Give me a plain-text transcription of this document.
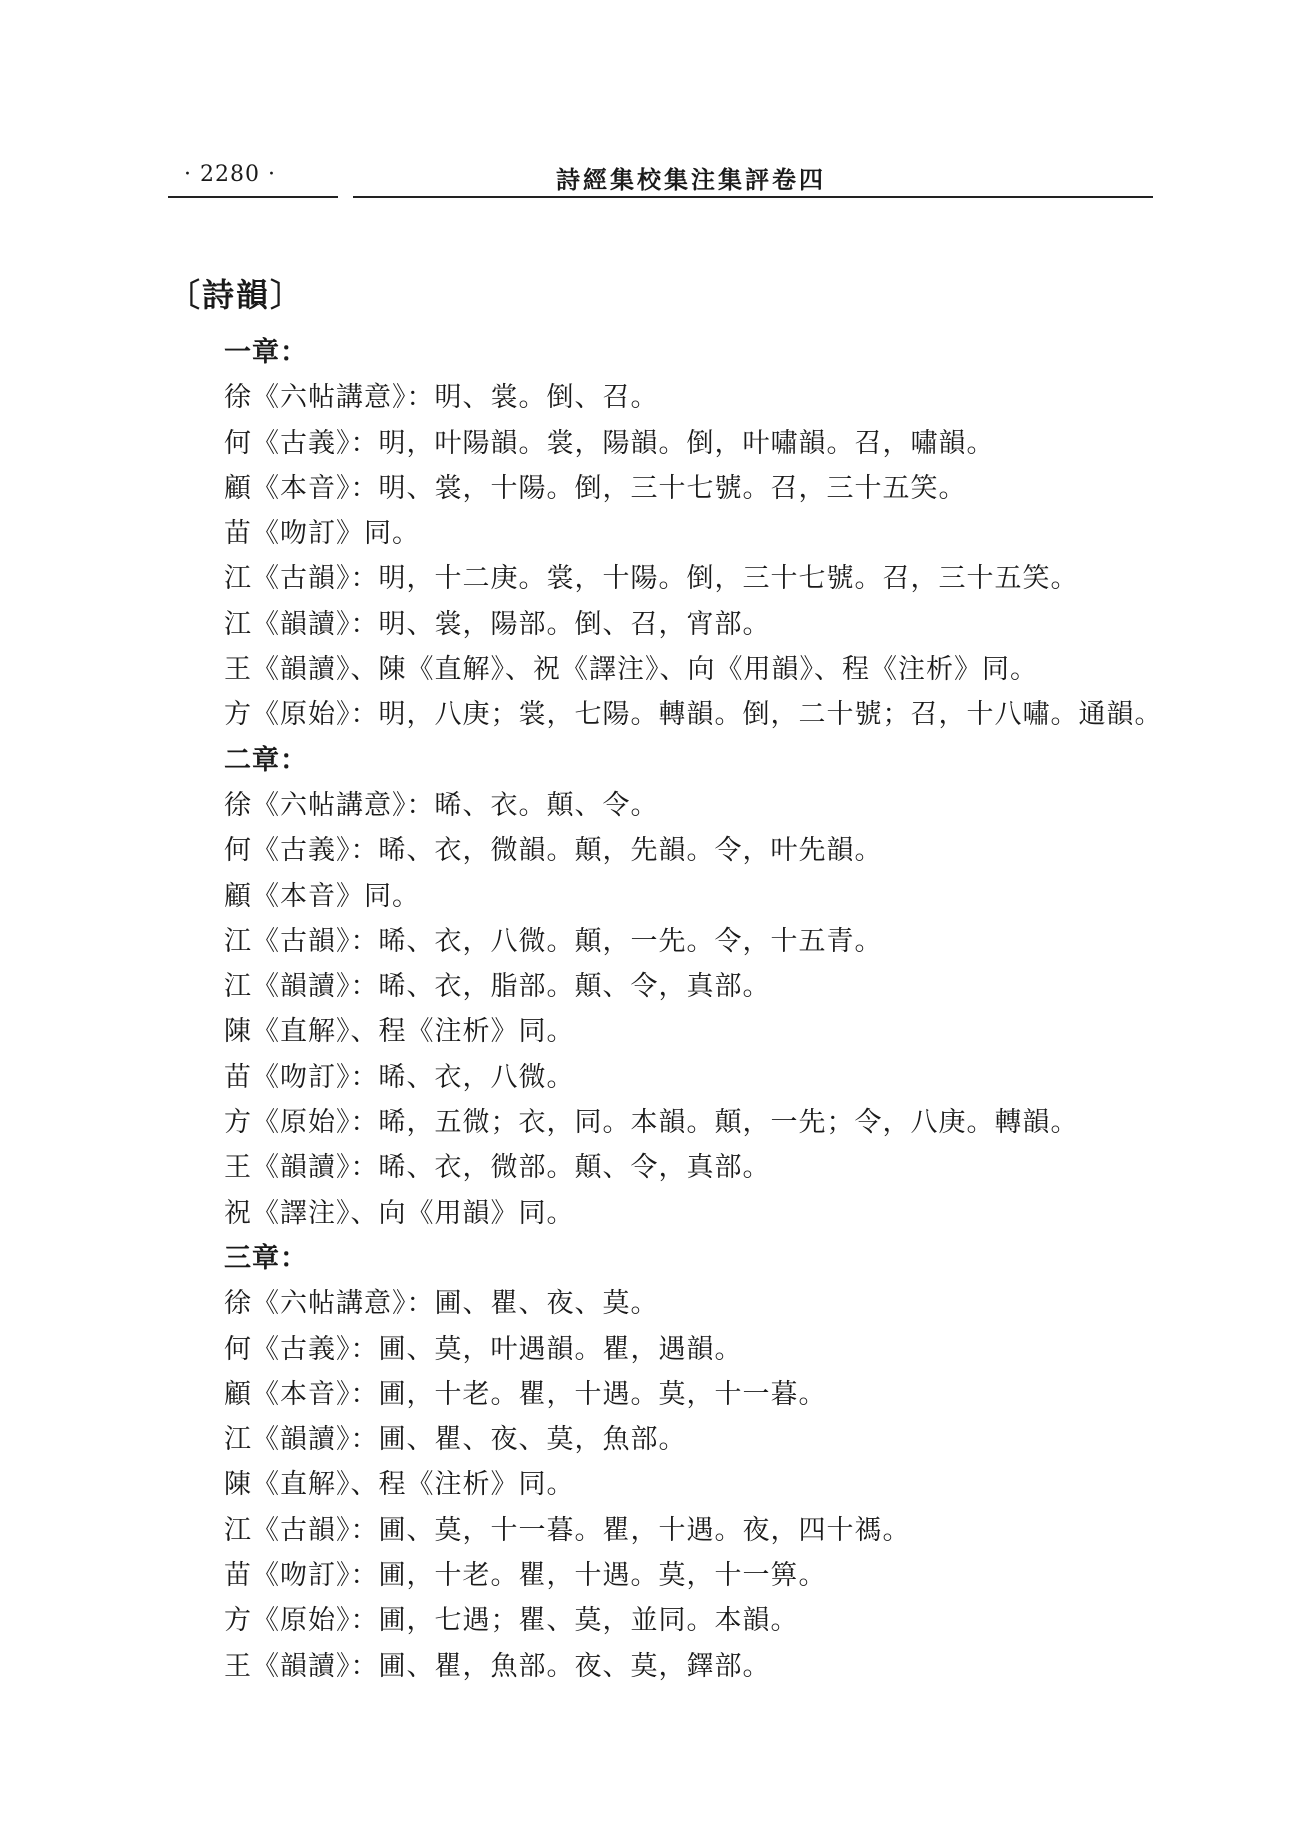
· 2280 ·	詩經集校集注集評卷四
〔詩韻〕
一章：
徐《六帖講意》：明、裳。倒、召。
何《古義》：明，叶陽韻。裳，陽韻。倒，叶嘯韻。召，嘯韻。
顧《本音》：明、裳，十陽。倒，三十七號。召，三十五笑。
苗《吻訂》同。
江《古韻》：明，十二庚。裳，十陽。倒，三十七號。召，三十五笑。
江《韻讀》：明、裳，陽部。倒、召，宵部。
王《韻讀》、陳《直解》、祝《譯注》、向《用韻》、程《注析》同。
方《原始》：明，八庚；裳，七陽。轉韻。倒，二十號；召，十八嘯。通韻。
二章：
徐《六帖講意》：晞、衣。顛、令。
何《古義》：晞、衣，微韻。顛，先韻。令，叶先韻。
顧《本音》同。
江《古韻》：晞、衣，八微。顛，一先。令，十五青。
江《韻讀》：晞、衣，脂部。顛、令，真部。
陳《直解》、程《注析》同。
苗《吻訂》：晞、衣，八微。
方《原始》：晞，五微；衣，同。本韻。顛，一先；令，八庚。轉韻。
王《韻讀》：晞、衣，微部。顛、令，真部。
祝《譯注》、向《用韻》同。
三章：
徐《六帖講意》：圃、瞿、夜、莫。
何《古義》：圃、莫，叶遇韻。瞿，遇韻。
顧《本音》：圃，十老。瞿，十遇。莫，十一暮。
江《韻讀》：圃、瞿、夜、莫，魚部。
陳《直解》、程《注析》同。
江《古韻》：圃、莫，十一暮。瞿，十遇。夜，四十禡。
苗《吻訂》：圃，十老。瞿，十遇。莫，十一箅。
方《原始》：圃，七遇；瞿、莫，並同。本韻。
王《韻讀》：圃、瞿，魚部。夜、莫，鐸部。
